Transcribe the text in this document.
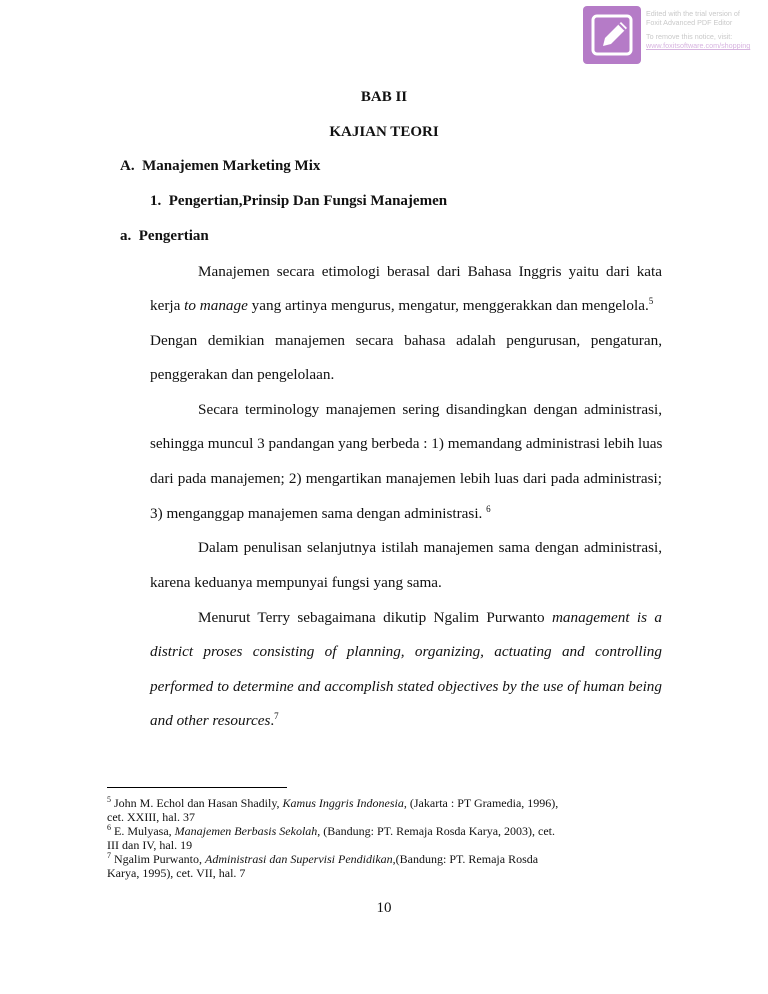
Edited with the trial version of
Foxit Advanced PDF Editor
To remove this notice, visit:
www.foxitsoftware.com/shopping
BAB II
KAJIAN TEORI
A.  Manajemen Marketing Mix
1.  Pengertian,Prinsip Dan Fungsi Manajemen
a.  Pengertian
Manajemen secara etimologi berasal dari Bahasa Inggris yaitu dari kata
kerja to manage yang artinya mengurus, mengatur, menggerakkan dan mengelola.$^5$
Dengan demikian manajemen secara bahasa adalah pengurusan, pengaturan,
penggerakan dan pengelolaan.
Secara terminology manajemen sering disandingkan dengan administrasi,
sehingga muncul 3 pandangan yang berbeda : 1) memandang administrasi lebih luas
dari pada manajemen; 2) mengartikan manajemen lebih luas dari pada administrasi;
3) menganggap manajemen sama dengan administrasi. $^6$
Dalam penulisan selanjutnya istilah manajemen sama dengan administrasi,
karena keduanya mempunyai fungsi yang sama.
Menurut Terry sebagaimana dikutip Ngalim Purwanto management is a
district proses consisting of planning, organizing, actuating and controlling
performed to determine and accomplish stated objectives by the use of human being
and other resources.$^7$
$^5$ John M. Echol dan Hasan Shadily, Kamus Inggris Indonesia, (Jakarta : PT Gramedia, 1996),
cet. XXIII, hal. 37
$^6$ E. Mulyasa, Manajemen Berbasis Sekolah, (Bandung: PT. Remaja Rosda Karya, 2003), cet.
III dan IV, hal. 19
$^7$ Ngalim Purwanto, Administrasi dan Supervisi Pendidikan,(Bandung: PT. Remaja Rosda
Karya, 1995), cet. VII, hal. 7
10
